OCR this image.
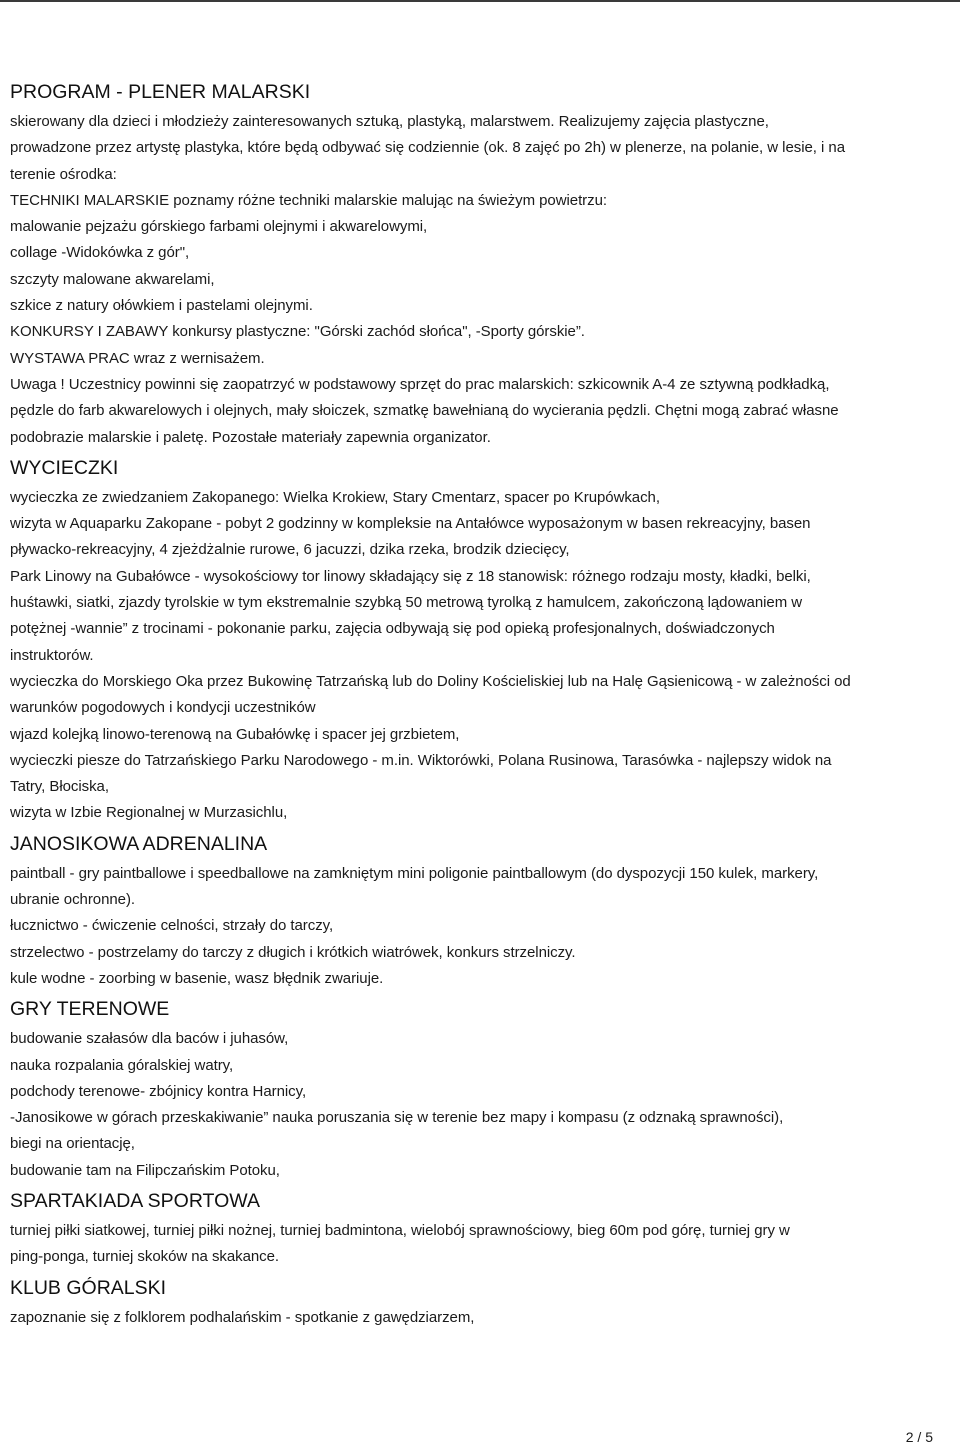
PROGRAM - PLENER MALARSKI

skierowany dla dzieci i młodzieży zainteresowanych sztuką, plastyką, malarstwem. Realizujemy zajęcia plastyczne,

prowadzone przez artystę plastyka, które będą odbywać się codziennie (ok. 8 zajęć po 2h) w plenerze, na polanie, w lesie, i na

terenie ośrodka:

TECHNIKI MALARSKIE poznamy różne techniki malarskie malując na świeżym powietrzu:

malowanie pejzażu górskiego farbami olejnymi i akwarelowymi,

collage -Widokówka z gór",

szczyty malowane akwarelami,

szkice z natury ołówkiem i pastelami olejnymi.

KONKURSY I ZABAWY konkursy plastyczne: "Górski zachód słońca", -Sporty górskie”.

WYSTAWA PRAC wraz z wernisażem.

Uwaga ! Uczestnicy powinni się zaopatrzyć w podstawowy sprzęt do prac malarskich: szkicownik A-4 ze sztywną podkładką,

pędzle do farb akwarelowych i olejnych, mały słoiczek, szmatkę bawełnianą do wycierania pędzli. Chętni mogą zabrać własne

podobrazie malarskie i paletę. Pozostałe materiały zapewnia organizator.

WYCIECZKI

wycieczka ze zwiedzaniem Zakopanego: Wielka Krokiew, Stary Cmentarz, spacer po Krupówkach,

wizyta w Aquaparku Zakopane - pobyt 2 godzinny w kompleksie na Antałówce wyposażonym w basen rekreacyjny, basen

pływacko-rekreacyjny, 4 zjeżdżalnie rurowe, 6 jacuzzi, dzika rzeka, brodzik dziecięcy,

Park Linowy na Gubałówce - wysokościowy tor linowy składający się z 18 stanowisk: różnego rodzaju mosty, kładki, belki,

huśtawki, siatki, zjazdy tyrolskie w tym ekstremalnie szybką 50 metrową tyrolką z hamulcem, zakończoną lądowaniem w

potężnej -wannie” z trocinami - pokonanie parku, zajęcia odbywają się pod opieką profesjonalnych, doświadczonych

instruktorów.

wycieczka do Morskiego Oka przez Bukowinę Tatrzańską lub do Doliny Kościeliskiej lub na Halę Gąsienicową - w zależności od

warunków pogodowych i kondycji uczestników

wjazd kolejką linowo-terenową na Gubałówkę i spacer jej grzbietem,

wycieczki piesze do Tatrzańskiego Parku Narodowego - m.in. Wiktorówki, Polana Rusinowa, Tarasówka - najlepszy widok na

Tatry, Błociska,

wizyta w Izbie Regionalnej w Murzasichlu,

JANOSIKOWA ADRENALINA

paintball - gry paintballowe i speedballowe na zamkniętym mini poligonie paintballowym (do dyspozycji 150 kulek, markery,

ubranie ochronne).

łucznictwo - ćwiczenie celności, strzały do tarczy,

strzelectwo - postrzelamy do tarczy z długich i krótkich wiatrówek, konkurs strzelniczy.

kule wodne - zoorbing w basenie, wasz błędnik zwariuje.

GRY TERENOWE

budowanie szałasów dla baców i juhasów,

nauka rozpalania góralskiej watry,

podchody terenowe- zbójnicy kontra Harnicy,

-Janosikowe w górach przeskakiwanie” nauka poruszania się w terenie bez mapy i kompasu (z odznaką sprawności),

biegi na orientację,

budowanie tam na Filipczańskim Potoku,

SPARTAKIADA SPORTOWA

turniej piłki siatkowej, turniej piłki nożnej, turniej badmintona, wielobój sprawnościowy, bieg 60m pod górę, turniej gry w

ping-ponga, turniej skoków na skakance.

KLUB GÓRALSKI

zapoznanie się z folklorem podhalańskim - spotkanie z gawędziarzem,

2 / 5
